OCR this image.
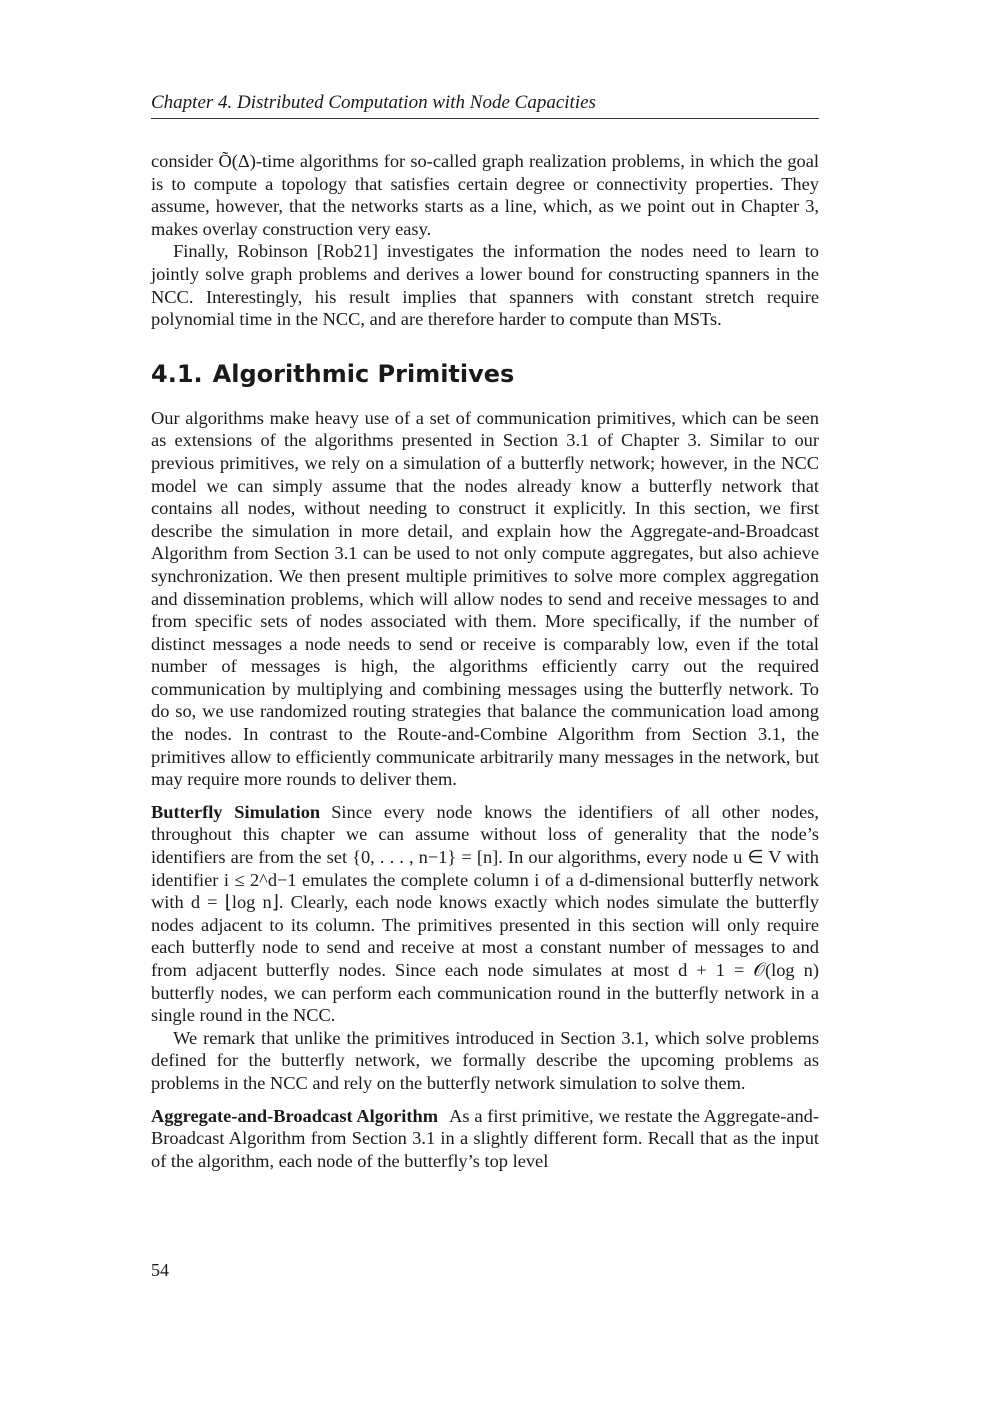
Chapter 4. Distributed Computation with Node Capacities

consider Õ(Δ)-time algorithms for so-called graph realization problems, in which the goal is to compute a topology that satisfies certain degree or connectivity properties. They assume, however, that the networks starts as a line, which, as we point out in Chapter 3, makes overlay construction very easy.

Finally, Robinson [Rob21] investigates the information the nodes need to learn to jointly solve graph problems and derives a lower bound for constructing spanners in the NCC. Interestingly, his result implies that spanners with constant stretch require polynomial time in the NCC, and are therefore harder to compute than MSTs.

4.1. Algorithmic Primitives

Our algorithms make heavy use of a set of communication primitives, which can be seen as extensions of the algorithms presented in Section 3.1 of Chapter 3. Similar to our previous primitives, we rely on a simulation of a butterfly network; however, in the NCC model we can simply assume that the nodes already know a butterfly network that contains all nodes, without needing to construct it explicitly. In this section, we first describe the simulation in more detail, and explain how the Aggregate-and-Broadcast Algorithm from Section 3.1 can be used to not only compute aggregates, but also achieve synchronization. We then present multiple primitives to solve more complex aggregation and dissemination problems, which will allow nodes to send and receive messages to and from specific sets of nodes associated with them. More specifically, if the number of distinct messages a node needs to send or receive is comparably low, even if the total number of messages is high, the algorithms efficiently carry out the required communication by multiplying and combining messages using the butterfly network. To do so, we use randomized routing strategies that balance the communication load among the nodes. In contrast to the Route-and-Combine Algorithm from Section 3.1, the primitives allow to efficiently communicate arbitrarily many messages in the network, but may require more rounds to deliver them.

Butterfly Simulation Since every node knows the identifiers of all other nodes, throughout this chapter we can assume without loss of generality that the node’s identifiers are from the set {0, . . . , n−1} = [n]. In our algorithms, every node u ∈ V with identifier i ≤ 2^d−1 emulates the complete column i of a d-dimensional butterfly network with d = ⌊log n⌋. Clearly, each node knows exactly which nodes simulate the butterfly nodes adjacent to its column. The primitives presented in this section will only require each butterfly node to send and receive at most a constant number of messages to and from adjacent butterfly nodes. Since each node simulates at most d + 1 = 𝒪(log n) butterfly nodes, we can perform each communication round in the butterfly network in a single round in the NCC.

We remark that unlike the primitives introduced in Section 3.1, which solve problems defined for the butterfly network, we formally describe the upcoming problems as problems in the NCC and rely on the butterfly network simulation to solve them.

Aggregate-and-Broadcast Algorithm As a first primitive, we restate the Aggregate-and-Broadcast Algorithm from Section 3.1 in a slightly different form. Recall that as the input of the algorithm, each node of the butterfly’s top level

54
